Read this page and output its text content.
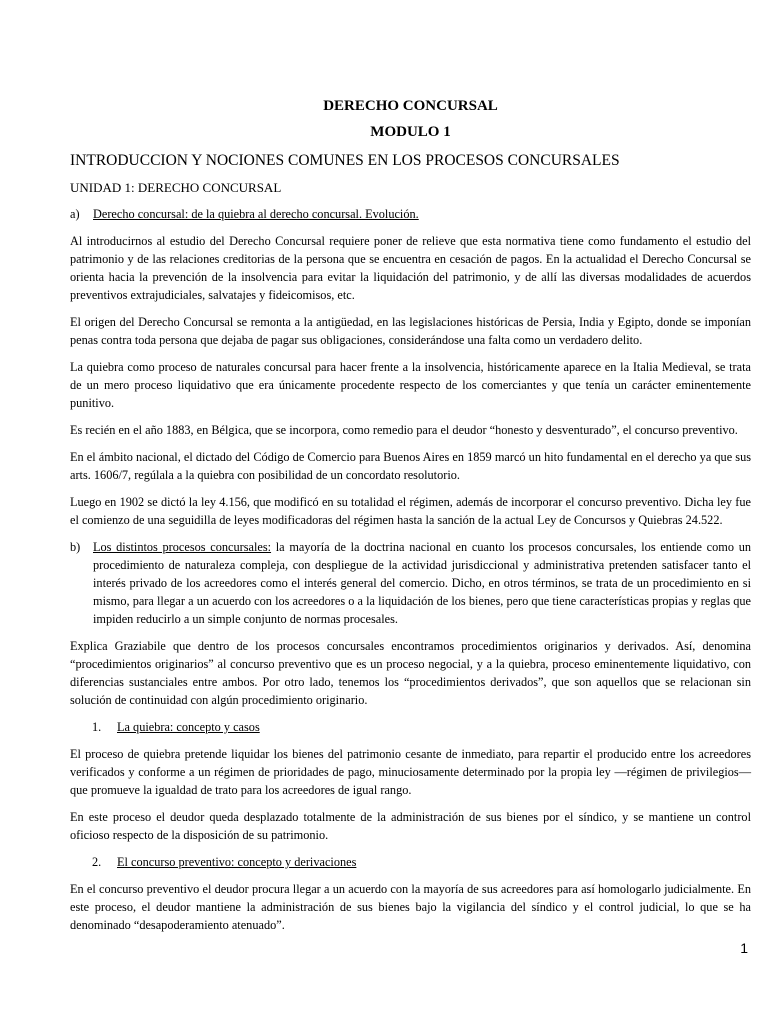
DERECHO CONCURSAL

MODULO 1

INTRODUCCION Y NOCIONES COMUNES EN LOS PROCESOS CONCURSALES

UNIDAD 1: DERECHO CONCURSAL

a)	Derecho concursal: de la quiebra al derecho concursal. Evolución.

Al introducirnos al estudio del Derecho Concursal requiere poner de relieve que esta normativa tiene como fundamento el estudio del patrimonio y de las relaciones creditorias de la persona que se encuentra en cesación de pagos. En la actualidad el Derecho Concursal se orienta hacia la prevención de la insolvencia para evitar la liquidación del patrimonio, y de allí las diversas modalidades de acuerdos preventivos extrajudiciales, salvatajes y fideicomisos, etc.

El origen del Derecho Concursal se remonta a la antigüedad, en las legislaciones históricas de Persia, India y Egipto, donde se imponían penas contra toda persona que dejaba de pagar sus obligaciones, considerándose una falta como un verdadero delito.

La quiebra como proceso de naturales concursal para hacer frente a la insolvencia, históricamente aparece en la Italia Medieval, se trata de un mero proceso liquidativo que era únicamente procedente respecto de los comerciantes y que tenía un carácter eminentemente punitivo.

Es recién en el año 1883, en Bélgica, que se incorpora, como remedio para el deudor “honesto y desventurado”, el concurso preventivo.

En el ámbito nacional, el dictado del Código de Comercio para Buenos Aires en 1859 marcó un hito fundamental en el derecho ya que sus arts. 1606/7, regúlala a la quiebra con posibilidad de un concordato resolutorio.

Luego en 1902 se dictó la ley 4.156, que modificó en su totalidad el régimen, además de incorporar el concurso preventivo. Dicha ley fue el comienzo de una seguidilla de leyes modificadoras del régimen hasta la sanción de la actual Ley de Concursos y Quiebras 24.522.

b)	Los distintos procesos concursales: la mayoría de la doctrina nacional en cuanto los procesos concursales, los entiende como un procedimiento de naturaleza compleja, con despliegue de la actividad jurisdiccional y administrativa pretenden satisfacer tanto el interés privado de los acreedores como el interés general del comercio. Dicho, en otros términos, se trata de un procedimiento en si mismo, para llegar a un acuerdo con los acreedores o a la liquidación de los bienes, pero que tiene características propias y reglas que impiden reducirlo a un simple conjunto de normas procesales.

Explica Graziabile que dentro de los procesos concursales encontramos procedimientos originarios y derivados. Así, denomina “procedimientos originarios” al concurso preventivo que es un proceso negocial, y a la quiebra, proceso eminentemente liquidativo, con diferencias sustanciales entre ambos. Por otro lado, tenemos los “procedimientos derivados”, que son aquellos que se relacionan sin solución de continuidad con algún procedimiento originario.

1.	La quiebra: concepto y casos

El proceso de quiebra pretende liquidar los bienes del patrimonio cesante de inmediato, para repartir el producido entre los acreedores verificados y conforme a un régimen de prioridades de pago, minuciosamente determinado por la propia ley —régimen de privilegios— que promueve la igualdad de trato para los acreedores de igual rango.

En este proceso el deudor queda desplazado totalmente de la administración de sus bienes por el síndico, y se mantiene un control oficioso respecto de la disposición de su patrimonio.

2.	El concurso preventivo: concepto y derivaciones

En el concurso preventivo el deudor procura llegar a un acuerdo con la mayoría de sus acreedores para así homologarlo judicialmente. En este proceso, el deudor mantiene la administración de sus bienes bajo la vigilancia del síndico y el control judicial, lo que se ha denominado “desapoderamiento atenuado”.

1
